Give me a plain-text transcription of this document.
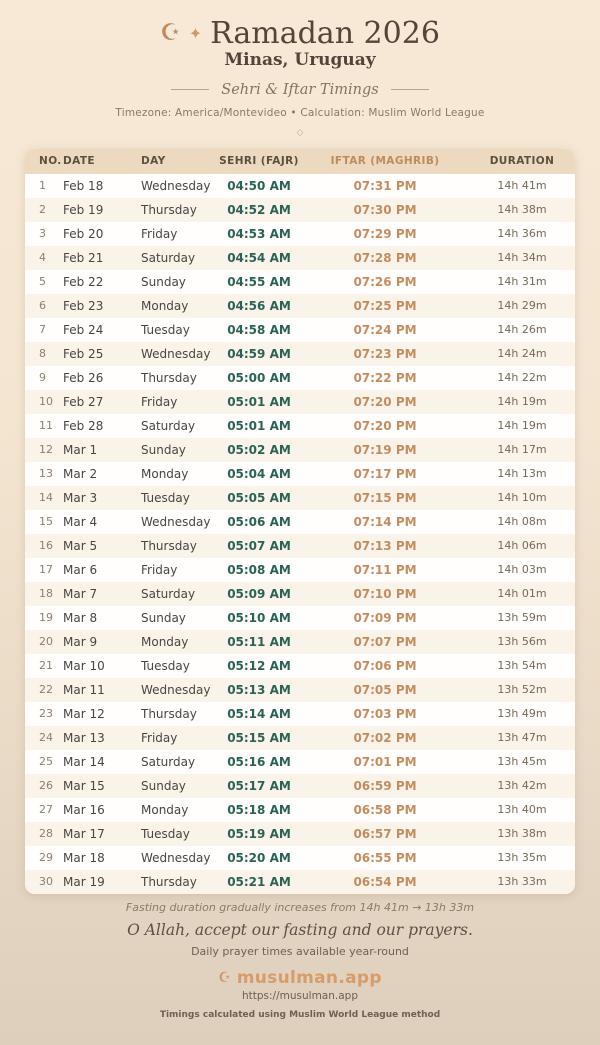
☪ ✦ Ramadan 2026
Minas, Uruguay
Sehri & Iftar Timings
Timezone: America/Montevideo • Calculation: Muslim World League
◇
NO.	DATE	DAY	SEHRI (FAJR)	IFTAR (MAGHRIB)	DURATION
1	Feb 18	Wednesday	04:50 AM	07:31 PM	14h 41m
2	Feb 19	Thursday	04:52 AM	07:30 PM	14h 38m
3	Feb 20	Friday	04:53 AM	07:29 PM	14h 36m
4	Feb 21	Saturday	04:54 AM	07:28 PM	14h 34m
5	Feb 22	Sunday	04:55 AM	07:26 PM	14h 31m
6	Feb 23	Monday	04:56 AM	07:25 PM	14h 29m
7	Feb 24	Tuesday	04:58 AM	07:24 PM	14h 26m
8	Feb 25	Wednesday	04:59 AM	07:23 PM	14h 24m
9	Feb 26	Thursday	05:00 AM	07:22 PM	14h 22m
10	Feb 27	Friday	05:01 AM	07:20 PM	14h 19m
11	Feb 28	Saturday	05:01 AM	07:20 PM	14h 19m
12	Mar 1	Sunday	05:02 AM	07:19 PM	14h 17m
13	Mar 2	Monday	05:04 AM	07:17 PM	14h 13m
14	Mar 3	Tuesday	05:05 AM	07:15 PM	14h 10m
15	Mar 4	Wednesday	05:06 AM	07:14 PM	14h 08m
16	Mar 5	Thursday	05:07 AM	07:13 PM	14h 06m
17	Mar 6	Friday	05:08 AM	07:11 PM	14h 03m
18	Mar 7	Saturday	05:09 AM	07:10 PM	14h 01m
19	Mar 8	Sunday	05:10 AM	07:09 PM	13h 59m
20	Mar 9	Monday	05:11 AM	07:07 PM	13h 56m
21	Mar 10	Tuesday	05:12 AM	07:06 PM	13h 54m
22	Mar 11	Wednesday	05:13 AM	07:05 PM	13h 52m
23	Mar 12	Thursday	05:14 AM	07:03 PM	13h 49m
24	Mar 13	Friday	05:15 AM	07:02 PM	13h 47m
25	Mar 14	Saturday	05:16 AM	07:01 PM	13h 45m
26	Mar 15	Sunday	05:17 AM	06:59 PM	13h 42m
27	Mar 16	Monday	05:18 AM	06:58 PM	13h 40m
28	Mar 17	Tuesday	05:19 AM	06:57 PM	13h 38m
29	Mar 18	Wednesday	05:20 AM	06:55 PM	13h 35m
30	Mar 19	Thursday	05:21 AM	06:54 PM	13h 33m
Fasting duration gradually increases from 14h 41m → 13h 33m
O Allah, accept our fasting and our prayers.
Daily prayer times available year-round
☪ musulman.app
https://musulman.app
Timings calculated using Muslim World League method
